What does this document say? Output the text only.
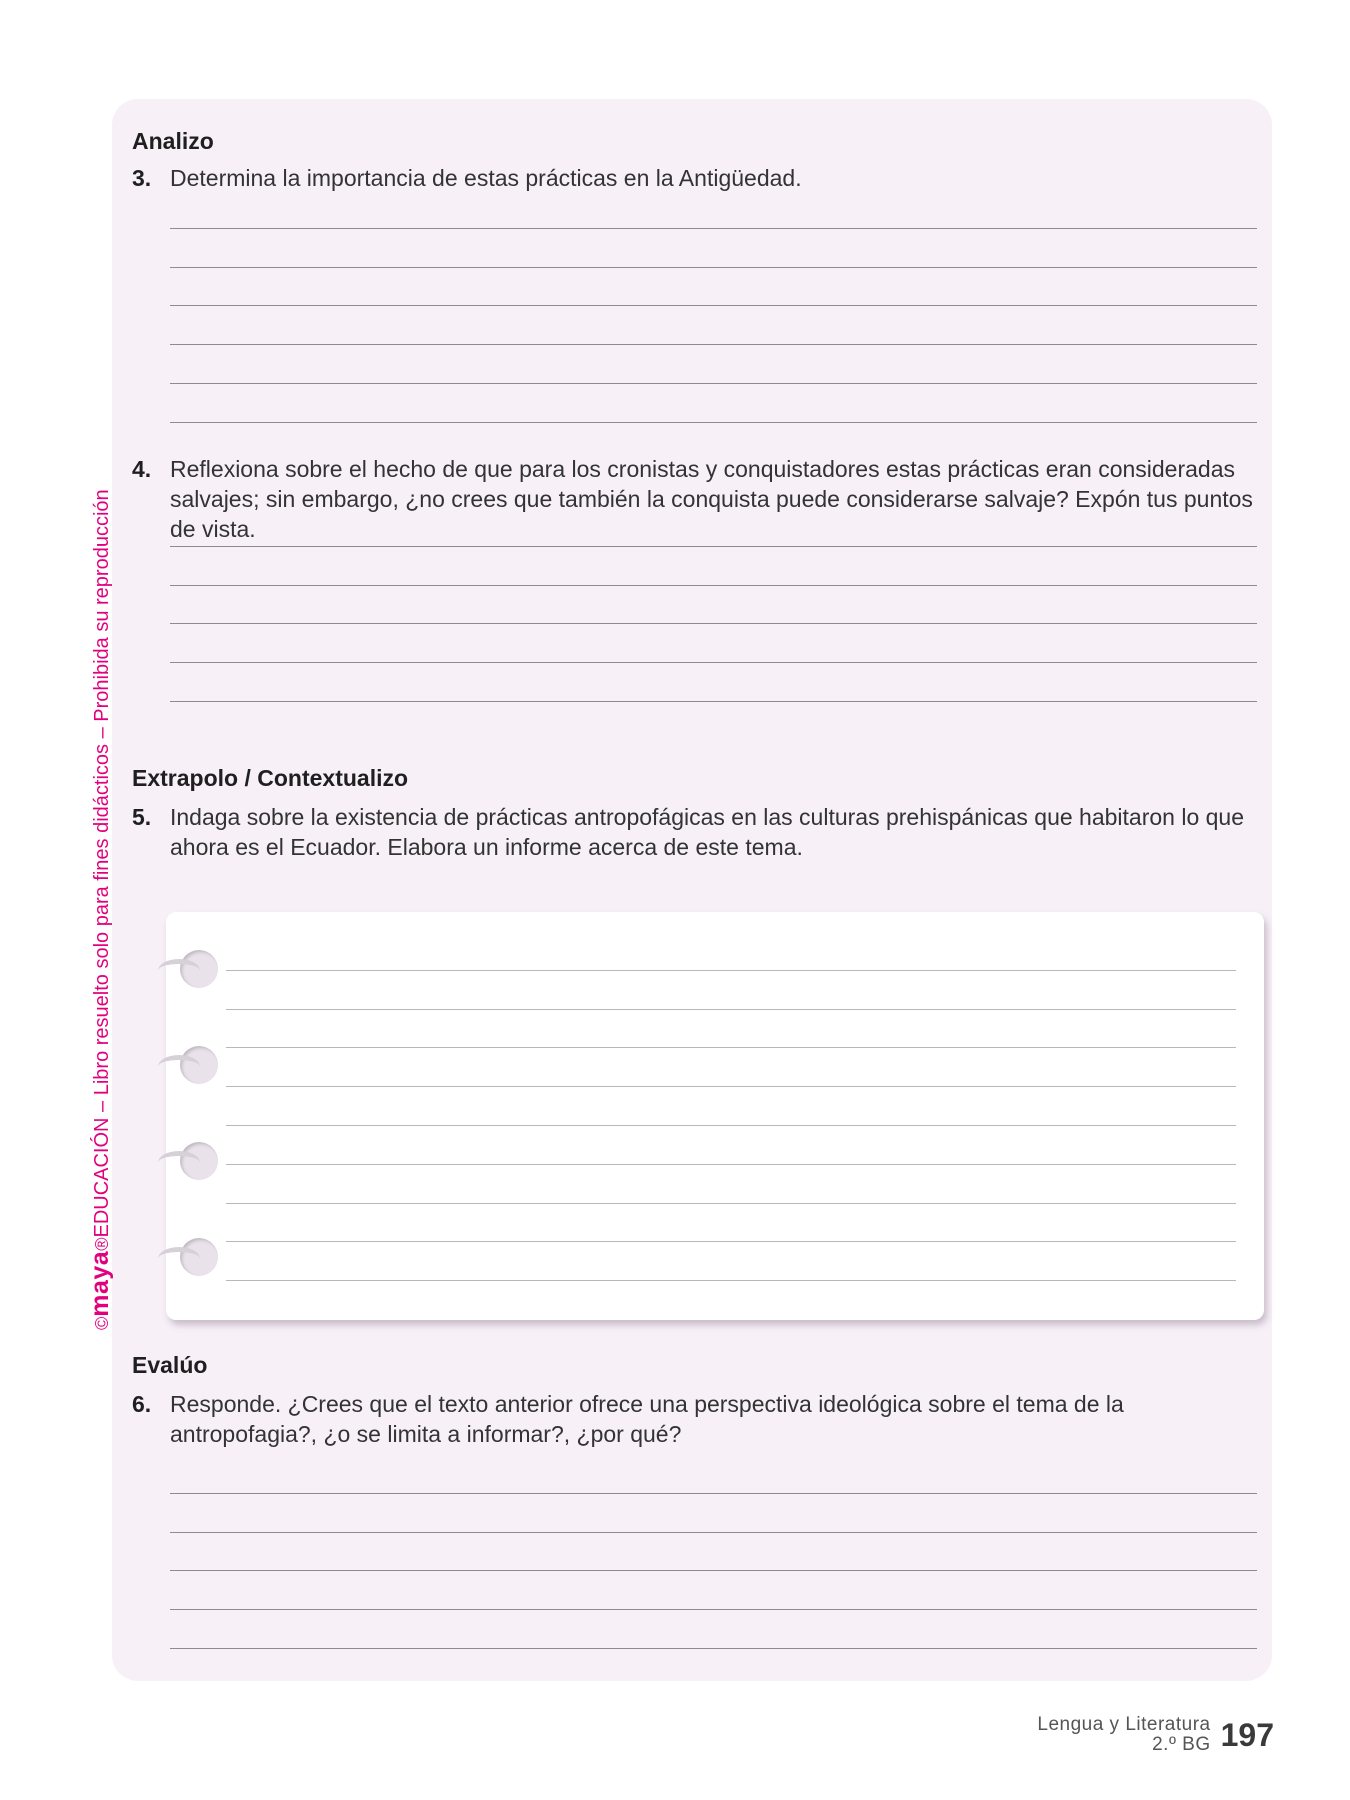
Analizo
3. Determina la importancia de estas prácticas en la Antigüedad.
4. Reflexiona sobre el hecho de que para los cronistas y conquistadores estas prácticas eran consideradas salvajes; sin embargo, ¿no crees que también la conquista puede considerarse salvaje? Expón tus puntos de vista.
Extrapolo / Contextualizo
5. Indaga sobre la existencia de prácticas antropofágicas en las culturas prehispánicas que habitaron lo que ahora es el Ecuador. Elabora un informe acerca de este tema.
Evalúo
6. Responde. ¿Crees que el texto anterior ofrece una perspectiva ideológica sobre el tema de la antropofagia?, ¿o se limita a informar?, ¿por qué?
©maya®EDUCACIÓN – Libro resuelto solo para fines didácticos – Prohibida su reproducción
Lengua y Literatura
2.º BG 197
